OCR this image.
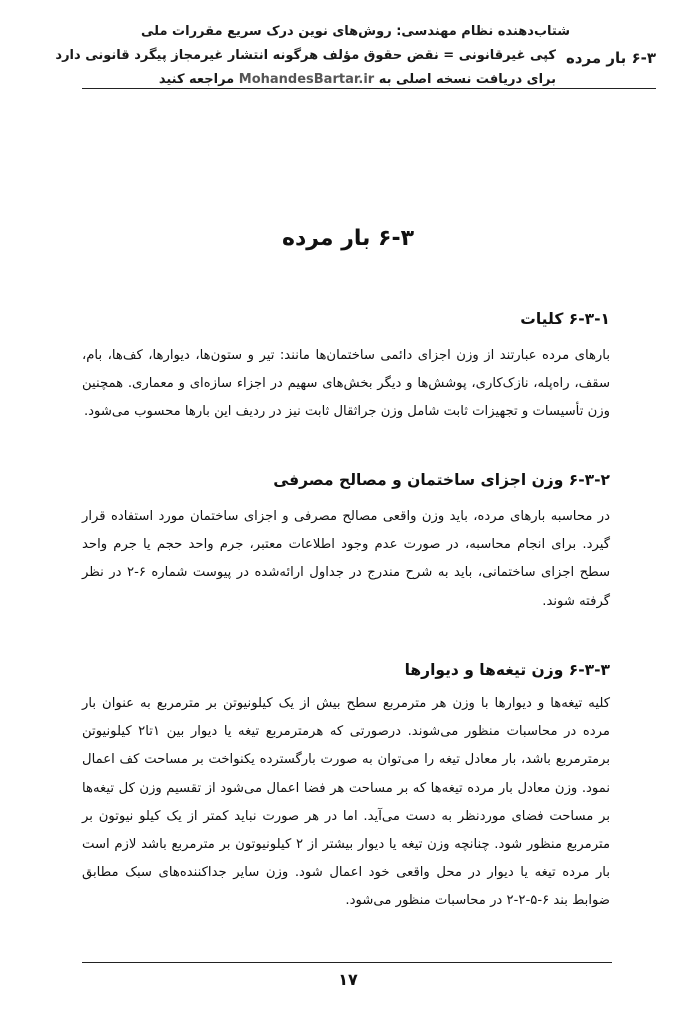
شتاب‌دهنده نظام مهندسی: روش‌های نوین درک سریع مقررات ملی
۶-۳ بار مرده
کپی غیرقانونی = نقض حقوق مؤلف هرگونه انتشار غیرمجاز پیگرد قانونی دارد
برای دریافت نسخه اصلی به MohandesBartar.ir مراجعه کنید
۶-۳ بار مرده
۶-۳-۱ کلیات
بارهای مرده عبارتند از وزن اجزای دائمی ساختمان‌ها مانند: تیر و ستون‌ها، دیوارها، کف‌ها، بام، سقف، راه‌پله، نازک‌کاری، پوشش‌ها و دیگر بخش‌های سهیم در اجزاء سازه‌ای و معماری. همچنین وزن تأسیسات و تجهیزات ثابت شامل وزن جراثقال ثابت نیز در ردیف این بارها محسوب می‌شود.
۶-۳-۲ وزن اجزای ساختمان و مصالح مصرفی
در محاسبه بارهای مرده، باید وزن واقعی مصالح مصرفی و اجزای ساختمان مورد استفاده قرار گیرد. برای انجام محاسبه، در صورت عدم وجود اطلاعات معتبر، جرم واحد حجم یا جرم واحد سطح اجزای ساختمانی، باید به شرح مندرج در جداول ارائه‌شده در پیوست شماره ۶-۲ در نظر گرفته شوند.
۶-۳-۳ وزن تیغه‌ها و دیوارها
کلیه تیغه‌ها و دیوارها با وزن هر مترمربع سطح بیش از یک کیلونیوتن بر مترمربع به عنوان بار مرده در محاسبات منظور می‌شوند. درصورتی که هرمترمربع تیغه یا دیوار بین ۱تا۲ کیلونیوتن برمترمربع باشد، بار معادل تیغه را می‌توان به صورت بارگسترده یکنواخت بر مساحت کف اعمال نمود. وزن معادل بار مرده تیغه‌ها که بر مساحت هر فضا اعمال می‌شود از تقسیم وزن کل تیغه‌ها بر مساحت فضای موردنظر به دست می‌آید. اما در هر صورت نباید کمتر از یک کیلو نیوتون بر مترمربع منظور شود. چنانچه وزن تیغه یا دیوار بیشتر از ۲ کیلونیوتون بر مترمربع باشد لازم است بار مرده تیغه یا دیوار در محل واقعی خود اعمال شود. وزن سایر جداکننده‌های سبک مطابق ضوابط بند ۶-۵-۲-۲ در محاسبات منظور می‌شود.
۱۷
